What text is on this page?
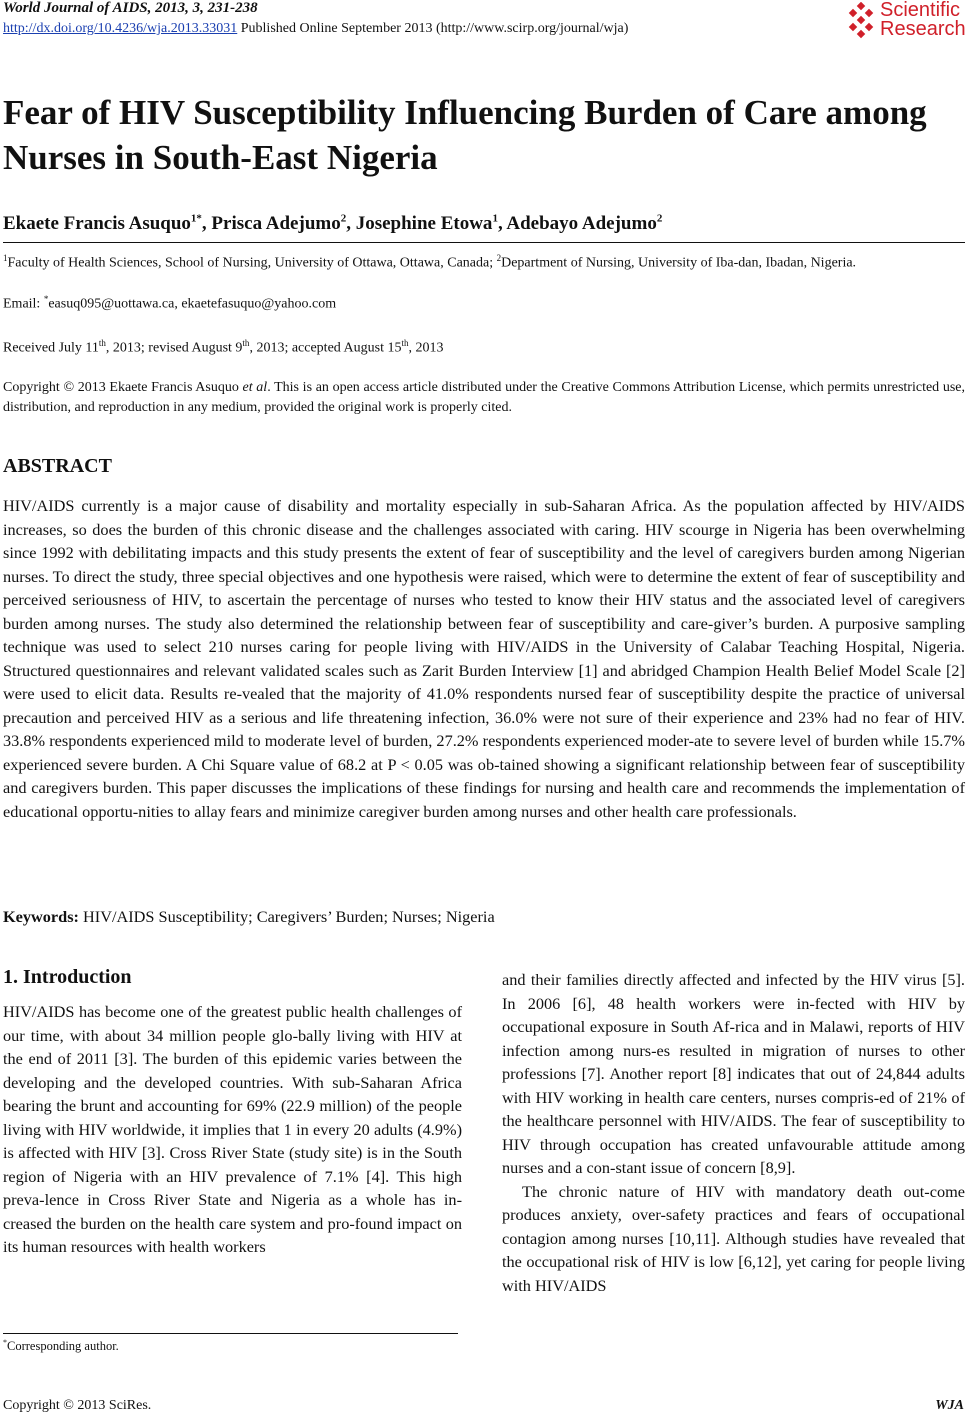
World Journal of AIDS, 2013, 3, 231-238
http://dx.doi.org/10.4236/wja.2013.33031 Published Online September 2013 (http://www.scirp.org/journal/wja)
Scientific
Research
Fear of HIV Susceptibility Influencing Burden of Care among Nurses in South-East Nigeria
Ekaete Francis Asuquo$^{1*}$, Prisca Adejumo$^2$, Josephine Etowa$^1$, Adebayo Adejumo$^2$
$^1$Faculty of Health Sciences, School of Nursing, University of Ottawa, Ottawa, Canada; $^2$Department of Nursing, University of Iba-dan, Ibadan, Nigeria.
Email: *easuq095@uottawa.ca, ekaetefasuquo@yahoo.com
Received July 11th, 2013; revised August 9th, 2013; accepted August 15th, 2013
Copyright © 2013 Ekaete Francis Asuquo et al. This is an open access article distributed under the Creative Commons Attribution License, which permits unrestricted use, distribution, and reproduction in any medium, provided the original work is properly cited.
ABSTRACT
HIV/AIDS currently is a major cause of disability and mortality especially in sub-Saharan Africa. As the population affected by HIV/AIDS increases, so does the burden of this chronic disease and the challenges associated with caring. HIV scourge in Nigeria has been overwhelming since 1992 with debilitating impacts and this study presents the extent of fear of susceptibility and the level of caregivers burden among Nigerian nurses. To direct the study, three special objectives and one hypothesis were raised, which were to determine the extent of fear of susceptibility and perceived seriousness of HIV, to ascertain the percentage of nurses who tested to know their HIV status and the associated level of caregivers burden among nurses. The study also determined the relationship between fear of susceptibility and care-giver’s burden. A purposive sampling technique was used to select 210 nurses caring for people living with HIV/AIDS in the University of Calabar Teaching Hospital, Nigeria. Structured questionnaires and relevant validated scales such as Zarit Burden Interview [1] and abridged Champion Health Belief Model Scale [2] were used to elicit data. Results re-vealed that the majority of 41.0% respondents nursed fear of susceptibility despite the practice of universal precaution and perceived HIV as a serious and life threatening infection, 36.0% were not sure of their experience and 23% had no fear of HIV. 33.8% respondents experienced mild to moderate level of burden, 27.2% respondents experienced moder-ate to severe level of burden while 15.7% experienced severe burden. A Chi Square value of 68.2 at P < 0.05 was ob-tained showing a significant relationship between fear of susceptibility and caregivers burden. This paper discusses the implications of these findings for nursing and health care and recommends the implementation of educational opportu-nities to allay fears and minimize caregiver burden among nurses and other health care professionals.
Keywords: HIV/AIDS Susceptibility; Caregivers’ Burden; Nurses; Nigeria
1. Introduction

HIV/AIDS has become one of the greatest public health challenges of our time, with about 34 million people glo-bally living with HIV at the end of 2011 [3]. The burden of this epidemic varies between the developing and the developed countries. With sub-Saharan Africa bearing the brunt and accounting for 69% (22.9 million) of the people living with HIV worldwide, it implies that 1 in every 20 adults (4.9%) is affected with HIV [3]. Cross River State (study site) is in the South region of Nigeria with an HIV prevalence of 7.1% [4]. This high preva-lence in Cross River State and Nigeria as a whole has in-creased the burden on the health care system and pro-found impact on its human resources with health workers

and their families directly affected and infected by the HIV virus [5]. In 2006 [6], 48 health workers were in-fected with HIV by occupational exposure in South Af-rica and in Malawi, reports of HIV infection among nurs-es resulted in migration of nurses to other professions [7]. Another report [8] indicates that out of 24,844 adults with HIV working in health care centers, nurses compris-ed of 21% of the healthcare personnel with HIV/AIDS. The fear of susceptibility to HIV through occupation has created unfavourable attitude among nurses and a con-stant issue of concern [8,9].

The chronic nature of HIV with mandatory death out-come produces anxiety, over-safety practices and fears of occupational contagion among nurses [10,11]. Although studies have revealed that the occupational risk of HIV is low [6,12], yet caring for people living with HIV/AIDS

*Corresponding author.
Copyright © 2013 SciRes.	WJA
